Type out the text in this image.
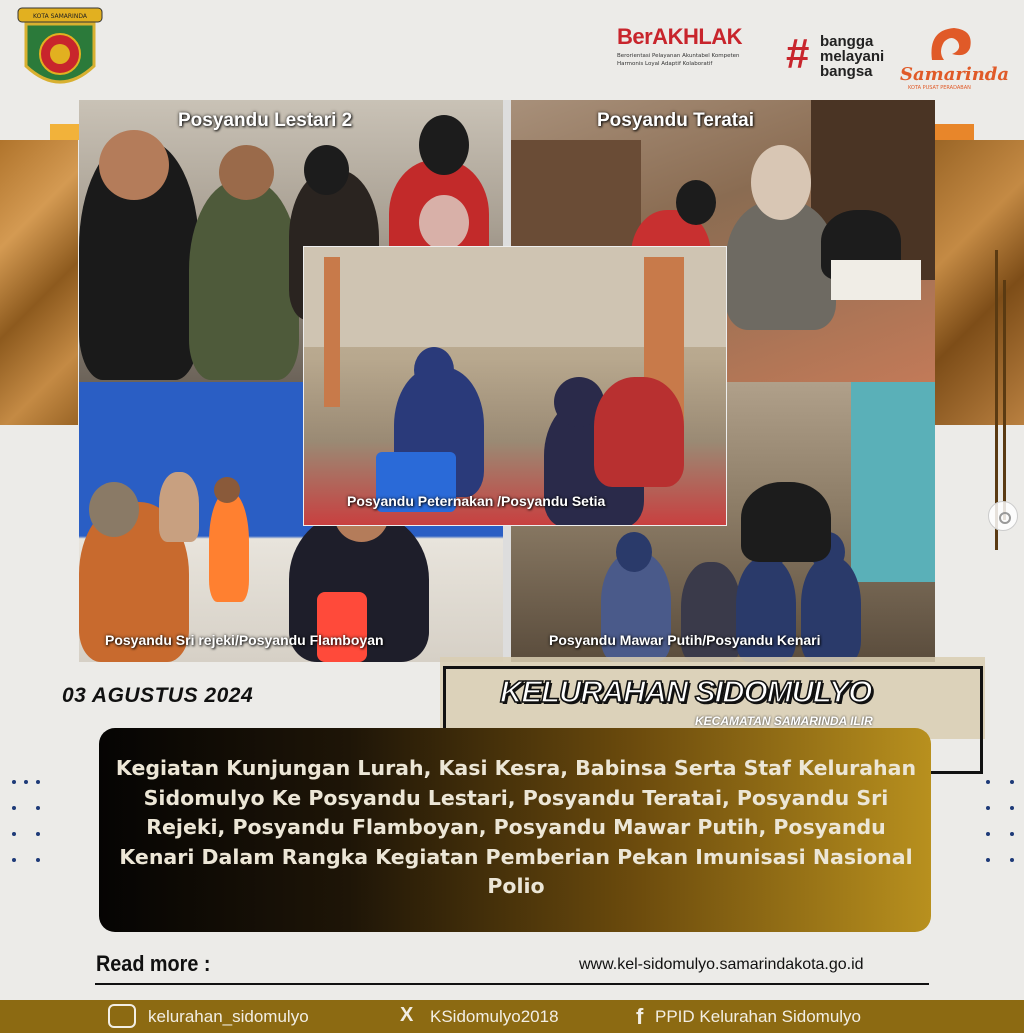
KOTA SAMARINDA
BerAKHLAK
Berorientasi Pelayanan Akuntabel Kompeten
Harmonis Loyal Adaptif Kolaboratif	# bangga
melayani
bangsa	Samarinda
KOTA PUSAT PERADABAN
Posyandu Lestari 2	Posyandu Teratai
Posyandu Peternakan /Posyandu Setia
Posyandu Sri rejeki/Posyandu Flamboyan	Posyandu Mawar Putih/Posyandu Kenari
03 AGUSTUS 2024	KELURAHAN SIDOMULYO
KECAMATAN SAMARINDA ILIR
Kegiatan Kunjungan Lurah, Kasi Kesra, Babinsa Serta Staf Kelurahan Sidomulyo Ke Posyandu Lestari, Posyandu Teratai, Posyandu Sri Rejeki, Posyandu Flamboyan, Posyandu Mawar Putih, Posyandu Kenari Dalam Rangka Kegiatan Pemberian Pekan Imunisasi Nasional Polio
Read more :	www.kel-sidomulyo.samarindakota.go.id
kelurahan_sidomulyo	X KSidomulyo2018	f PPID Kelurahan Sidomulyo
